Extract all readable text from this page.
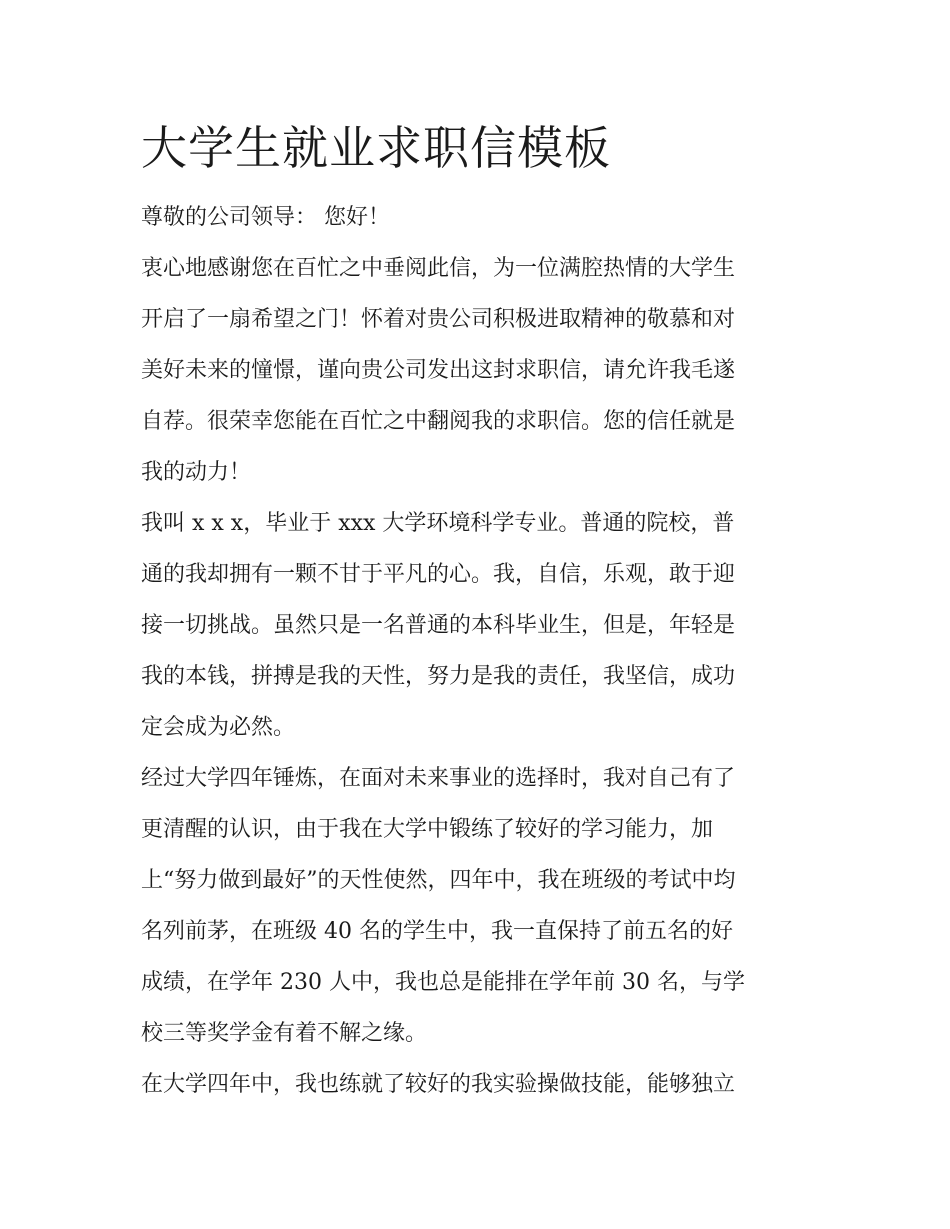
大学生就业求职信模板
尊敬的公司领导： 您好！
衷心地感谢您在百忙之中垂阅此信，为一位满腔热情的大学生
开启了一扇希望之门！怀着对贵公司积极进取精神的敬慕和对
美好未来的憧憬，谨向贵公司发出这封求职信，请允许我毛遂
自荐。很荣幸您能在百忙之中翻阅我的求职信。您的信任就是
我的动力！
我叫 x x x，毕业于 xxx 大学环境科学专业。普通的院校，普
通的我却拥有一颗不甘于平凡的心。我，自信，乐观，敢于迎
接一切挑战。虽然只是一名普通的本科毕业生，但是，年轻是
我的本钱，拼搏是我的天性，努力是我的责任，我坚信，成功
定会成为必然。
经过大学四年锤炼，在面对未来事业的选择时，我对自己有了
更清醒的认识，由于我在大学中锻练了较好的学习能力，加
上“努力做到最好”的天性使然，四年中，我在班级的考试中均
名列前茅，在班级 40 名的学生中，我一直保持了前五名的好
成绩，在学年 230 人中，我也总是能排在学年前 30 名，与学
校三等奖学金有着不解之缘。
在大学四年中，我也练就了较好的我实验操做技能，能够独立
